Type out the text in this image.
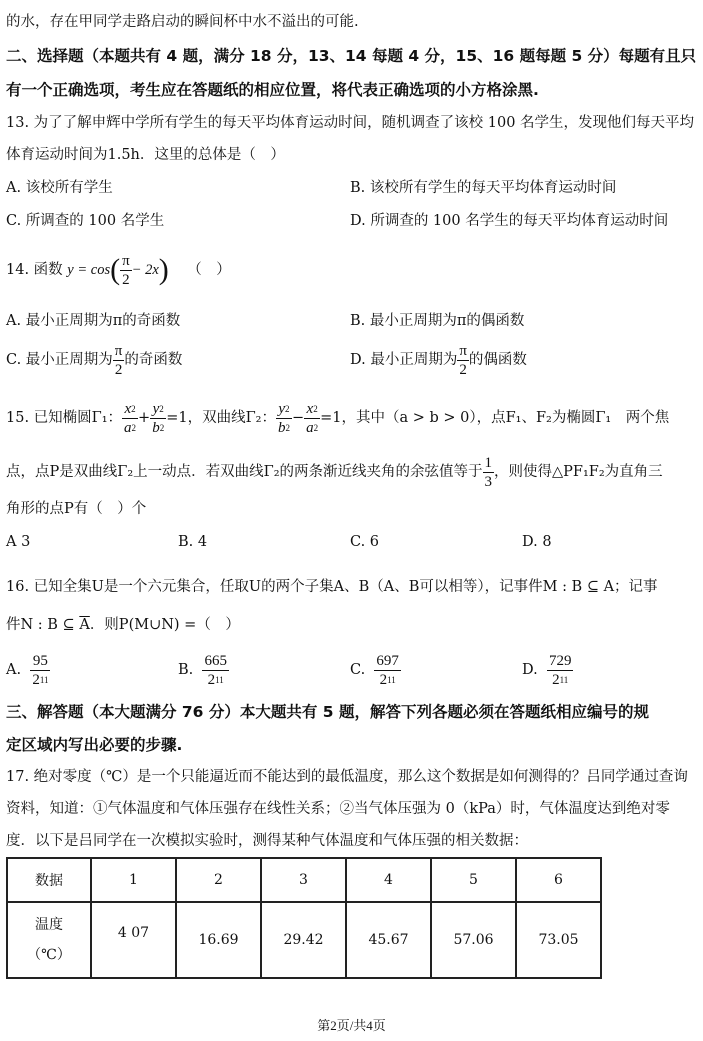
的水，存在甲同学走路启动的瞬间杯中水不溢出的可能.
二、选择题（本题共有 4 题，满分 18 分，13、14 每题 4 分，15、16 题每题 5 分）每题有且只
有一个正确选项，考生应在答题纸的相应位置，将代表正确选项的小方格涂黑.
13. 为了了解申辉中学所有学生的每天平均体育运动时间，随机调查了该校 100 名学生，发现他们每天平均
体育运动时间为1.5h．这里的总体是（　）
A. 该校所有学生	B. 该校所有学生的每天平均体育运动时间
C. 所调查的 100 名学生	D. 所调查的 100 名学生的每天平均体育运动时间
14. 函数 $y = \cos( \frac{\pi}{2} - 2x)$ （　）
A. 最小正周期为π的奇函数	B. 最小正周期为π的偶函数
C. 最小正周期为 $\frac{\pi}{2}$ 的奇函数	D. 最小正周期为 $\frac{\pi}{2}$ 的偶函数
15. 已知椭圆Γ₁： $\frac{x^2}{a^2} + \frac{y^2}{b^2} =1$，双曲线Γ₂： $\frac{y^2}{b^2} - \frac{x^2}{a^2} =1$，其中（a > b > 0），点F₁、F₂为椭圆Γ₁　两个焦
点，点P是双曲线Γ₂上一动点．若双曲线Γ₂的两条渐近线夹角的余弦值等于 $\frac{1}{3}$ ，则使得△PF₁F₂为直角三
角形的点P有（　）个
A 3	B. 4	C. 6	D. 8
16. 已知全集U是一个六元集合，任取U的两个子集A、B（A、B可以相等），记事件M : B ⊆ A；记事
件N : B ⊆ $\overline{A}$．则P(M∪N) =（　）
A. $\frac{95}{2^{11}}$	B. $\frac{665}{2^{11}}$	C. $\frac{697}{2^{11}}$	D. $\frac{729}{2^{11}}$
三、解答题（本大题满分 76 分）本大题共有 5 题，解答下列各题必须在答题纸相应编号的规
定区域内写出必要的步骤.
17. 绝对零度（℃）是一个只能逼近而不能达到的最低温度，那么这个数据是如何测得的？吕同学通过查询
资料，知道：①气体温度和气体压强存在线性关系；②当气体压强为 0（kPa）时，气体温度达到绝对零
度．以下是吕同学在一次模拟实验时，测得某种气体温度和气体压强的相关数据：
数据	1	2	3	4	5	6
温度
（℃）	4 07	16.69	29.42	45.67	57.06	73.05
第2页/共4页
